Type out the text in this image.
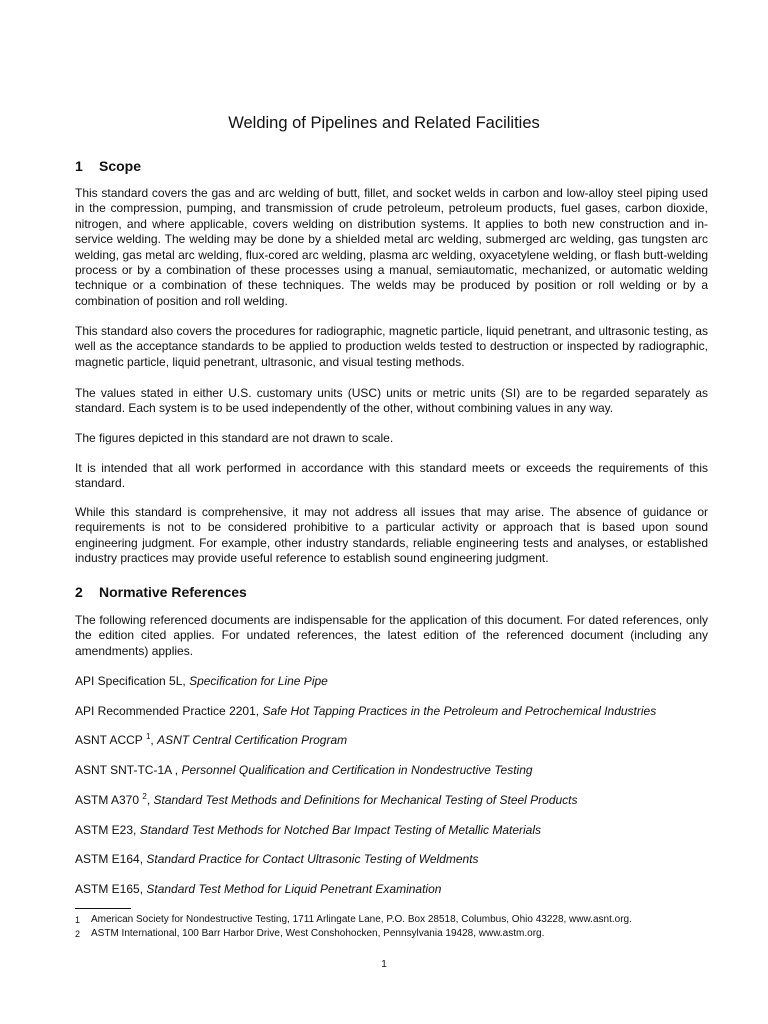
Welding of Pipelines and Related Facilities
1 Scope

This standard covers the gas and arc welding of butt, fillet, and socket welds in carbon and low-alloy steel piping used in the compression, pumping, and transmission of crude petroleum, petroleum products, fuel gases, carbon dioxide, nitrogen, and where applicable, covers welding on distribution systems. It applies to both new construction and in-service welding. The welding may be done by a shielded metal arc welding, submerged arc welding, gas tungsten arc welding, gas metal arc welding, flux-cored arc welding, plasma arc welding, oxyacetylene welding, or flash butt-welding process or by a combination of these processes using a manual, semiautomatic, mechanized, or automatic welding technique or a combination of these techniques. The welds may be produced by position or roll welding or by a combination of position and roll welding.

This standard also covers the procedures for radiographic, magnetic particle, liquid penetrant, and ultrasonic testing, as well as the acceptance standards to be applied to production welds tested to destruction or inspected by radiographic, magnetic particle, liquid penetrant, ultrasonic, and visual testing methods.

The values stated in either U.S. customary units (USC) units or metric units (SI) are to be regarded separately as standard. Each system is to be used independently of the other, without combining values in any way.

The figures depicted in this standard are not drawn to scale.

It is intended that all work performed in accordance with this standard meets or exceeds the requirements of this standard.

While this standard is comprehensive, it may not address all issues that may arise. The absence of guidance or requirements is not to be considered prohibitive to a particular activity or approach that is based upon sound engineering judgment. For example, other industry standards, reliable engineering tests and analyses, or established industry practices may provide useful reference to establish sound engineering judgment.

2 Normative References

The following referenced documents are indispensable for the application of this document. For dated references, only the edition cited applies. For undated references, the latest edition of the referenced document (including any amendments) applies.

API Specification 5L, Specification for Line Pipe
API Recommended Practice 2201, Safe Hot Tapping Practices in the Petroleum and Petrochemical Industries
ASNT ACCP $^1$, ASNT Central Certification Program
ASNT SNT-TC-1A , Personnel Qualification and Certification in Nondestructive Testing
ASTM A370 $^2$, Standard Test Methods and Definitions for Mechanical Testing of Steel Products
ASTM E23, Standard Test Methods for Notched Bar Impact Testing of Metallic Materials
ASTM E164, Standard Practice for Contact Ultrasonic Testing of Weldments
ASTM E165, Standard Test Method for Liquid Penetrant Examination
1 American Society for Nondestructive Testing, 1711 Arlingate Lane, P.O. Box 28518, Columbus, Ohio 43228, www.asnt.org.
2 ASTM International, 100 Barr Harbor Drive, West Conshohocken, Pennsylvania 19428, www.astm.org.
1
